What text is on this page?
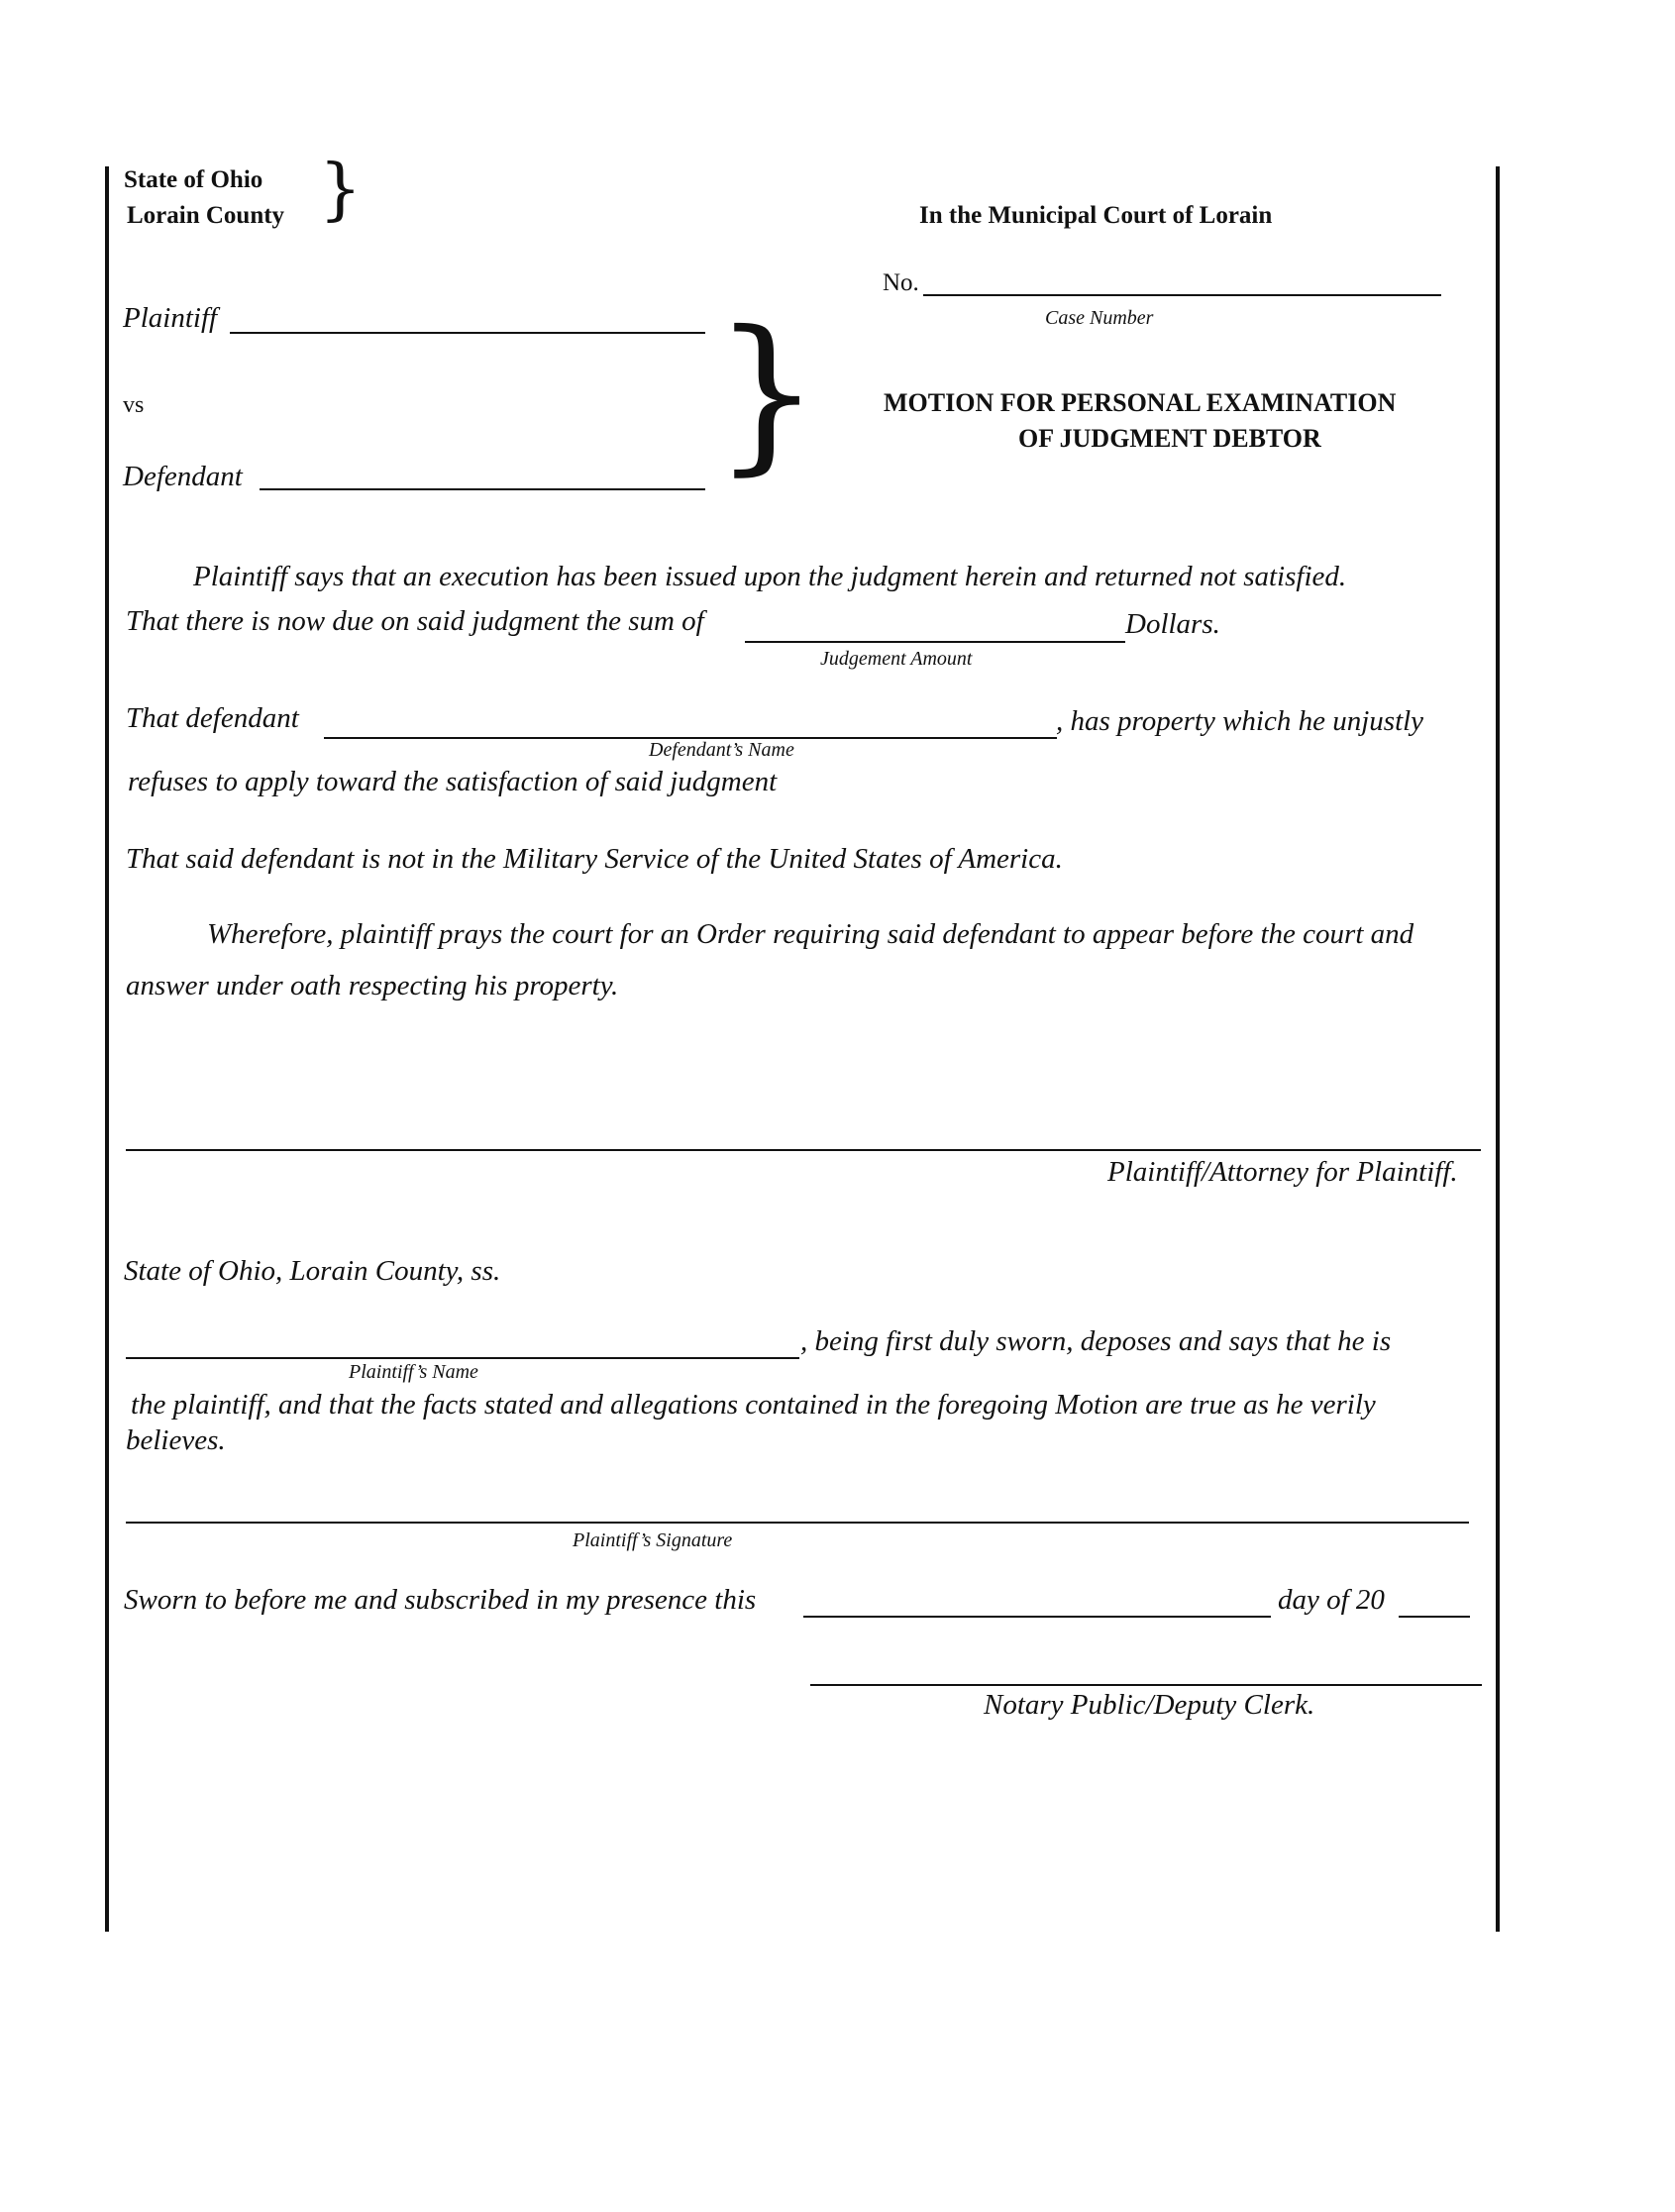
State of Ohio
Lorain County }	In the Municipal Court of Lorain
No.
Case Number
Plaintiff
vs
Defendant	} MOTION FOR PERSONAL EXAMINATION
OF JUDGMENT DEBTOR
Plaintiff says that an execution has been issued upon the judgment herein and returned not satisfied.
That there is now due on said judgment the sum of	Dollars.
Judgement Amount
That defendant	, has property which he unjustly
Defendant’s Name
refuses to apply toward the satisfaction of said judgment
That said defendant is not in the Military Service of the United States of America.
Wherefore, plaintiff prays the court for an Order requiring said defendant to appear before the court and
answer under oath respecting his property.
Plaintiff/Attorney for Plaintiff.
State of Ohio, Lorain County, ss.
, being first duly sworn, deposes and says that he is
Plaintiff’s Name
the plaintiff, and that the facts stated and allegations contained in the foregoing Motion are true as he verily
believes.
Plaintiff’s Signature
Sworn to before me and subscribed in my presence this	day of 20
Notary Public/Deputy Clerk.
